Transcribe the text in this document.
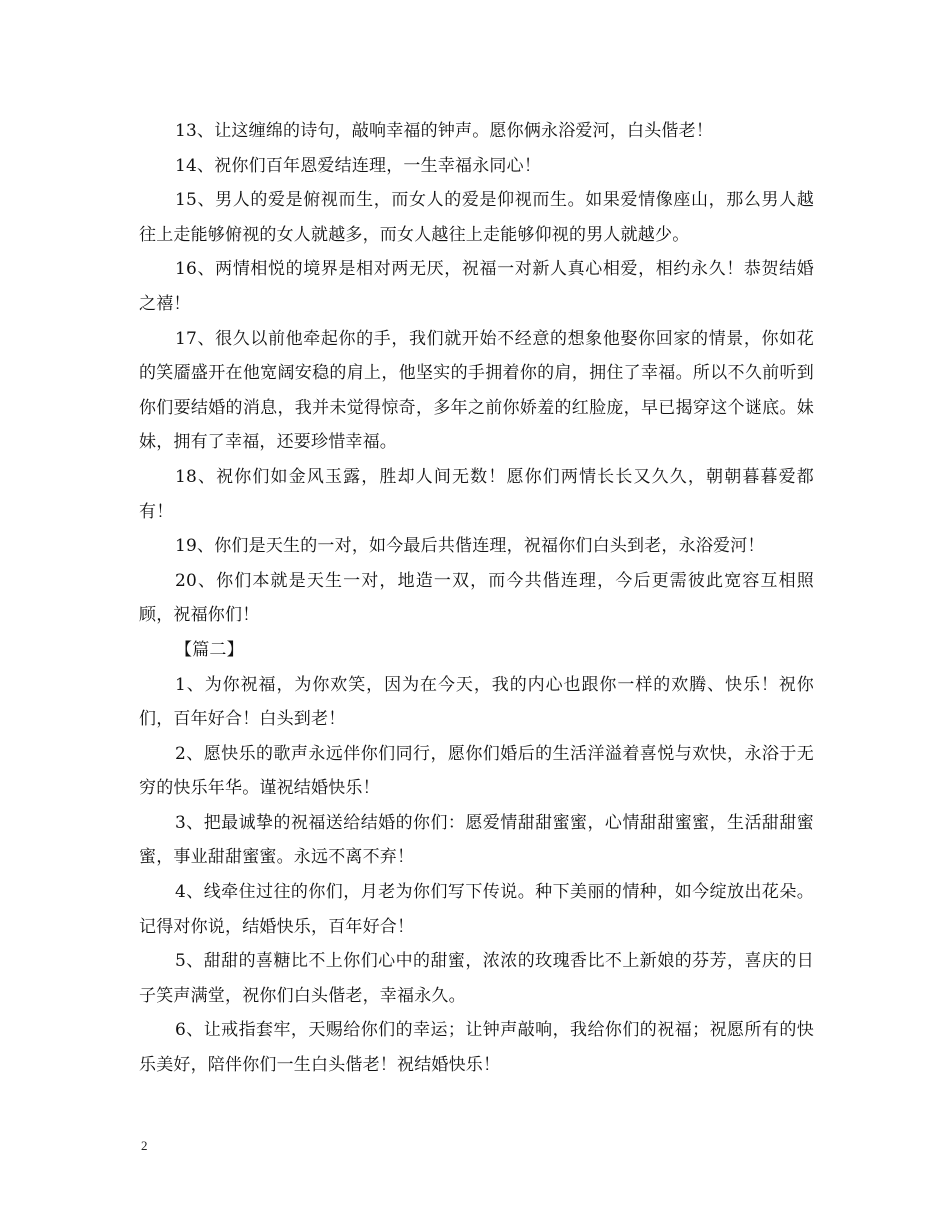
13、让这缠绵的诗句，敲响幸福的钟声。愿你俩永浴爱河，白头偕老！

14、祝你们百年恩爱结连理，一生幸福永同心！

15、男人的爱是俯视而生，而女人的爱是仰视而生。如果爱情像座山，那么男人越往上走能够俯视的女人就越多，而女人越往上走能够仰视的男人就越少。

16、两情相悦的境界是相对两无厌，祝福一对新人真心相爱，相约永久！恭贺结婚之禧！

17、很久以前他牵起你的手，我们就开始不经意的想象他娶你回家的情景，你如花的笑靥盛开在他宽阔安稳的肩上，他坚实的手拥着你的肩，拥住了幸福。所以不久前听到你们要结婚的消息，我并未觉得惊奇，多年之前你娇羞的红脸庞，早已揭穿这个谜底。妹妹，拥有了幸福，还要珍惜幸福。

18、祝你们如金风玉露，胜却人间无数！愿你们两情长长又久久，朝朝暮暮爱都有！

19、你们是天生的一对，如今最后共偕连理，祝福你们白头到老，永浴爱河！

20、你们本就是天生一对，地造一双，而今共偕连理，今后更需彼此宽容互相照顾，祝福你们！

【篇二】

1、为你祝福，为你欢笑，因为在今天，我的内心也跟你一样的欢腾、快乐！祝你们，百年好合！白头到老！

2、愿快乐的歌声永远伴你们同行，愿你们婚后的生活洋溢着喜悦与欢快，永浴于无穷的快乐年华。谨祝结婚快乐！

3、把最诚挚的祝福送给结婚的你们：愿爱情甜甜蜜蜜，心情甜甜蜜蜜，生活甜甜蜜蜜，事业甜甜蜜蜜。永远不离不弃！

4、线牵住过往的你们，月老为你们写下传说。种下美丽的情种，如今绽放出花朵。记得对你说，结婚快乐，百年好合！

5、甜甜的喜糖比不上你们心中的甜蜜，浓浓的玫瑰香比不上新娘的芬芳，喜庆的日子笑声满堂，祝你们白头偕老，幸福永久。

6、让戒指套牢，天赐给你们的幸运；让钟声敲响，我给你们的祝福；祝愿所有的快乐美好，陪伴你们一生白头偕老！祝结婚快乐！

2
